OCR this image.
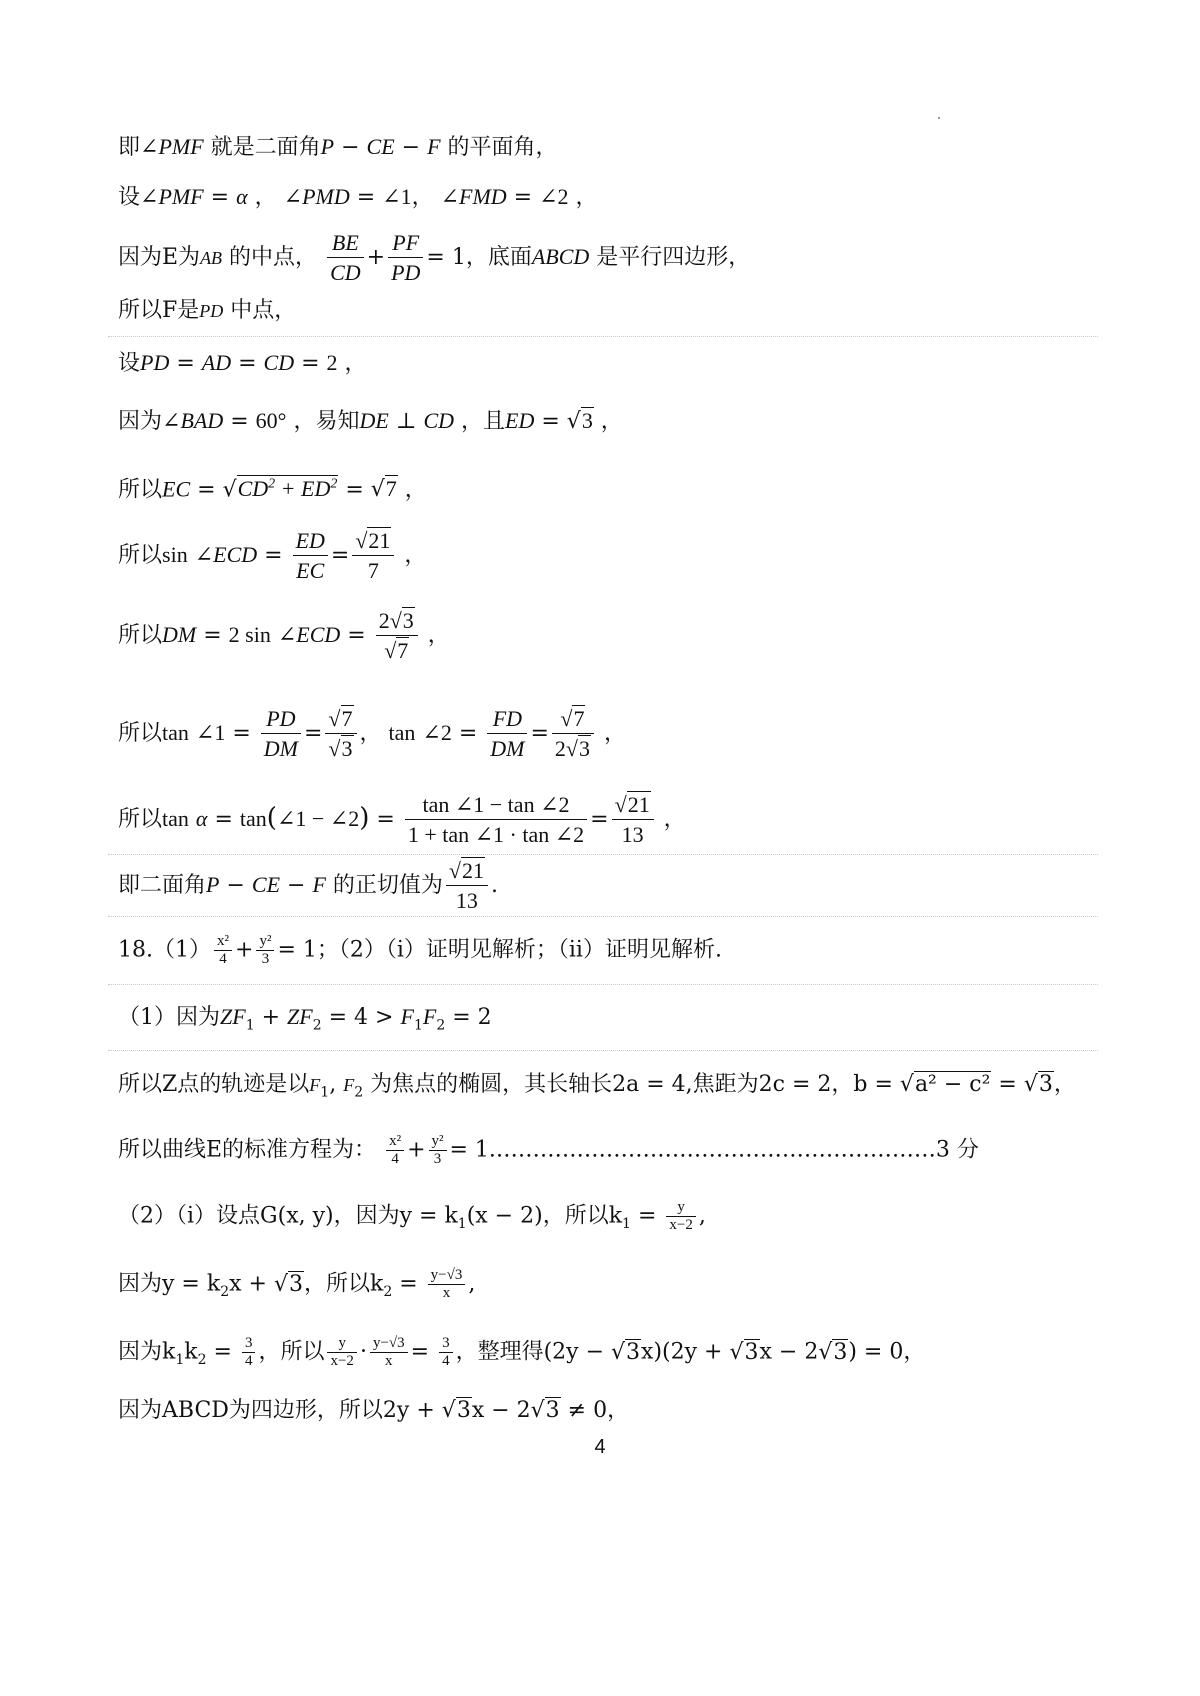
即∠PMF 就是二面角P − CE − F 的平面角，
设∠PMF = α ， ∠PMD = ∠1， ∠FMD = ∠2 ，
因为E为AB 的中点， $\frac{BE}{CD} + \frac{PF}{PD} = 1$，底面ABCD 是平行四边形，
所以F是PD 中点，
设PD = AD = CD = 2 ，
因为∠BAD = 60° ，易知DE ⊥ CD ，且ED = √3 ，
所以EC = $√CD^2 + ED^2 = √7$ ，
所以sin ∠ECD = $\frac{ED}{EC} = \frac{√21}{7}$ ，
所以DM = 2 sin ∠ECD = $\frac{2√3}{√7}$ ，
所以tan ∠1 = $\frac{PD}{DM} = \frac{√7}{√3}$ ， tan ∠2 = $\frac{FD}{DM} = \frac{√7}{2√3}$ ，
所以tan α = tan(∠1 − ∠2) = $\frac{\tan \angle 1 - \tan \angle 2}{1 + \tan \angle 1 \cdot \tan \angle 2} = \frac{√21}{13}$ ，
即二面角P − CE − F 的正切值为 $\frac{√21}{13}$ .
$18.(1) \frac{\text{x²}}{4} + \frac{\text{y²}}{3} = 1$；（2）（i）证明见解析；（ii）证明见解析.
（1）因为$ZF_1 + ZF_2 = 4 > F_1F_2 = 2$
所以Z点的轨迹是以$F_1$, $F_2$ 为焦点的椭圆，其长轴长2a = 4,焦距为2c = 2，b = √a² − c² = √3，
所以曲线E的标准方程为： $\frac{\text{x²}}{4} + \frac{\text{y²}}{3}$ = 1.……………………………………………………3 分
（2）（i）设点G(x, y)，因为$y = k_1(x - 2)$，所以$k_1 = \frac{y}{x-2}$ ,
因为$y = k_2x + √3$，所以$k_2 = \frac{y-√3}{x}$ ,
因为$k_1k_2 = \frac{3}{4}$ ，所以 $\frac{y}{x-2} \cdot \frac{y-√3}{x} = \frac{3}{4}$ ，整理得(2y − √3x)(2y + √3x − 2√3) = 0，
因为ABCD为四边形，所以2y + √3x − 2√3 ≠ 0，
4
